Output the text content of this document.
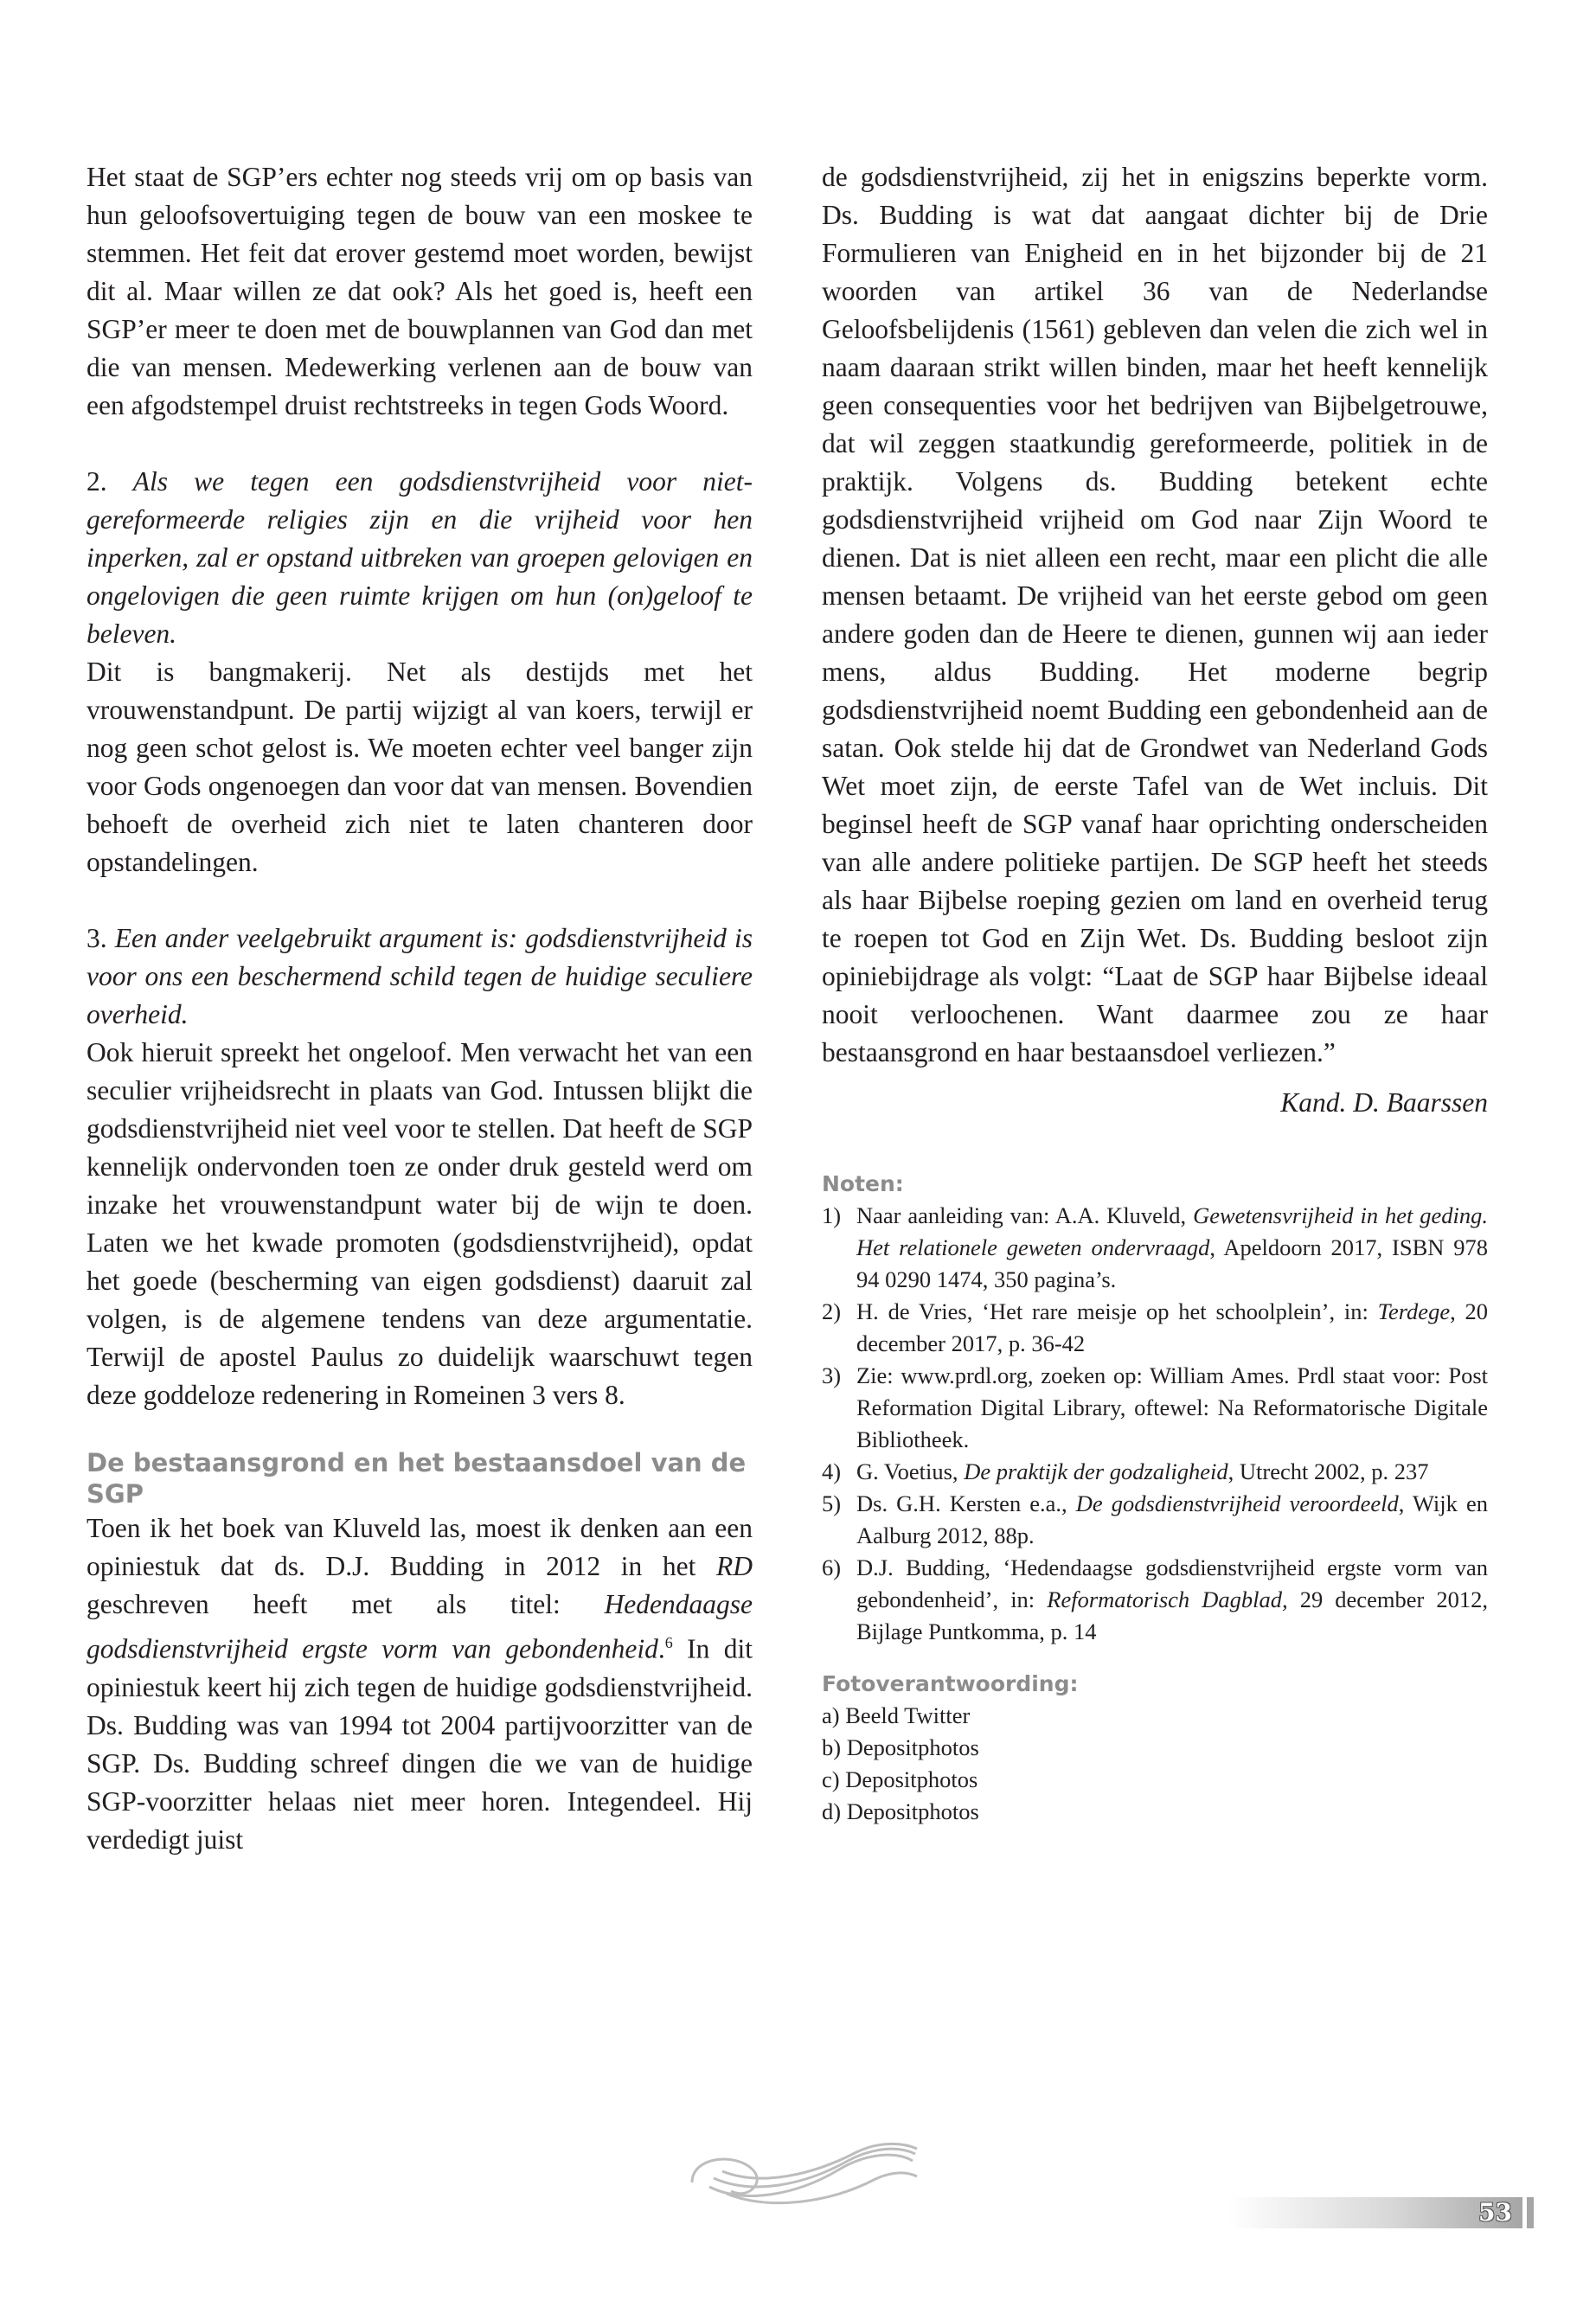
Het staat de SGP’ers echter nog steeds vrij om op basis van hun geloofsovertuiging tegen de bouw van een moskee te stemmen. Het feit dat erover gestemd moet worden, bewijst dit al. Maar willen ze dat ook? Als het goed is, heeft een SGP’er meer te doen met de bouwplannen van God dan met die van mensen. Medewerking verlenen aan de bouw van een afgodstempel druist rechtstreeks in tegen Gods Woord.

2. Als we tegen een godsdienstvrijheid voor niet-gereformeerde religies zijn en die vrijheid voor hen inperken, zal er opstand uitbreken van groepen gelovigen en ongelovigen die geen ruimte krijgen om hun (on)geloof te beleven.

Dit is bangmakerij. Net als destijds met het vrouwenstandpunt. De partij wijzigt al van koers, terwijl er nog geen schot gelost is. We moeten echter veel banger zijn voor Gods ongenoegen dan voor dat van mensen. Bovendien behoeft de overheid zich niet te laten chanteren door opstandelingen.

3. Een ander veelgebruikt argument is: godsdienstvrijheid is voor ons een beschermend schild tegen de huidige seculiere overheid.

Ook hieruit spreekt het ongeloof. Men verwacht het van een seculier vrijheidsrecht in plaats van God. Intussen blijkt die godsdienstvrijheid niet veel voor te stellen. Dat heeft de SGP kennelijk ondervonden toen ze onder druk gesteld werd om inzake het vrouwenstandpunt water bij de wijn te doen. Laten we het kwade promoten (godsdienstvrijheid), opdat het goede (bescherming van eigen godsdienst) daaruit zal volgen, is de algemene tendens van deze argumentatie. Terwijl de apostel Paulus zo duidelijk waarschuwt tegen deze goddeloze redenering in Romeinen 3 vers 8.

De bestaansgrond en het bestaansdoel van de SGP

Toen ik het boek van Kluveld las, moest ik denken aan een opiniestuk dat ds. D.J. Budding in 2012 in het RD geschreven heeft met als titel: Hedendaagse godsdienstvrijheid ergste vorm van gebondenheid.$^6$ In dit opiniestuk keert hij zich tegen de huidige godsdienstvrijheid. Ds. Budding was van 1994 tot 2004 partijvoorzitter van de SGP. Ds. Budding schreef dingen die we van de huidige SGP-voorzitter helaas niet meer horen. Integendeel. Hij verdedigt juist

de godsdienstvrijheid, zij het in enigszins beperkte vorm. Ds. Budding is wat dat aangaat dichter bij de Drie Formulieren van Enigheid en in het bijzonder bij de 21 woorden van artikel 36 van de Nederlandse Geloofsbelijdenis (1561) gebleven dan velen die zich wel in naam daaraan strikt willen binden, maar het heeft kennelijk geen consequenties voor het bedrijven van Bijbelgetrouwe, dat wil zeggen staatkundig gereformeerde, politiek in de praktijk. Volgens ds. Budding betekent echte godsdienstvrijheid vrijheid om God naar Zijn Woord te dienen. Dat is niet alleen een recht, maar een plicht die alle mensen betaamt. De vrijheid van het eerste gebod om geen andere goden dan de Heere te dienen, gunnen wij aan ieder mens, aldus Budding. Het moderne begrip godsdienstvrijheid noemt Budding een gebondenheid aan de satan. Ook stelde hij dat de Grondwet van Nederland Gods Wet moet zijn, de eerste Tafel van de Wet incluis. Dit beginsel heeft de SGP vanaf haar oprichting onderscheiden van alle andere politieke partijen. De SGP heeft het steeds als haar Bijbelse roeping gezien om land en overheid terug te roepen tot God en Zijn Wet. Ds. Budding besloot zijn opiniebijdrage als volgt: “Laat de SGP haar Bijbelse ideaal nooit verloochenen. Want daarmee zou ze haar bestaansgrond en haar bestaansdoel verliezen.”

Kand. D. Baarssen

Noten:
1) Naar aanleiding van: A.A. Kluveld, Gewetensvrijheid in het geding. Het relationele geweten ondervraagd, Apeldoorn 2017, ISBN 978 94 0290 1474, 350 pagina’s.
2) H. de Vries, ‘Het rare meisje op het schoolplein’, in: Terdege, 20 december 2017, p. 36-42
3) Zie: www.prdl.org, zoeken op: William Ames. Prdl staat voor: Post Reformation Digital Library, oftewel: Na Reformatorische Digitale Bibliotheek.
4) G. Voetius, De praktijk der godzaligheid, Utrecht 2002, p. 237
5) Ds. G.H. Kersten e.a., De godsdienstvrijheid veroordeeld, Wijk en Aalburg 2012, 88p.
6) D.J. Budding, ‘Hedendaagse godsdienstvrijheid ergste vorm van gebondenheid’, in: Reformatorisch Dagblad, 29 december 2012, Bijlage Puntkomma, p. 14
Fotoverantwoording:
a) Beeld Twitter
b) Depositphotos
c) Depositphotos
d) Depositphotos
53
